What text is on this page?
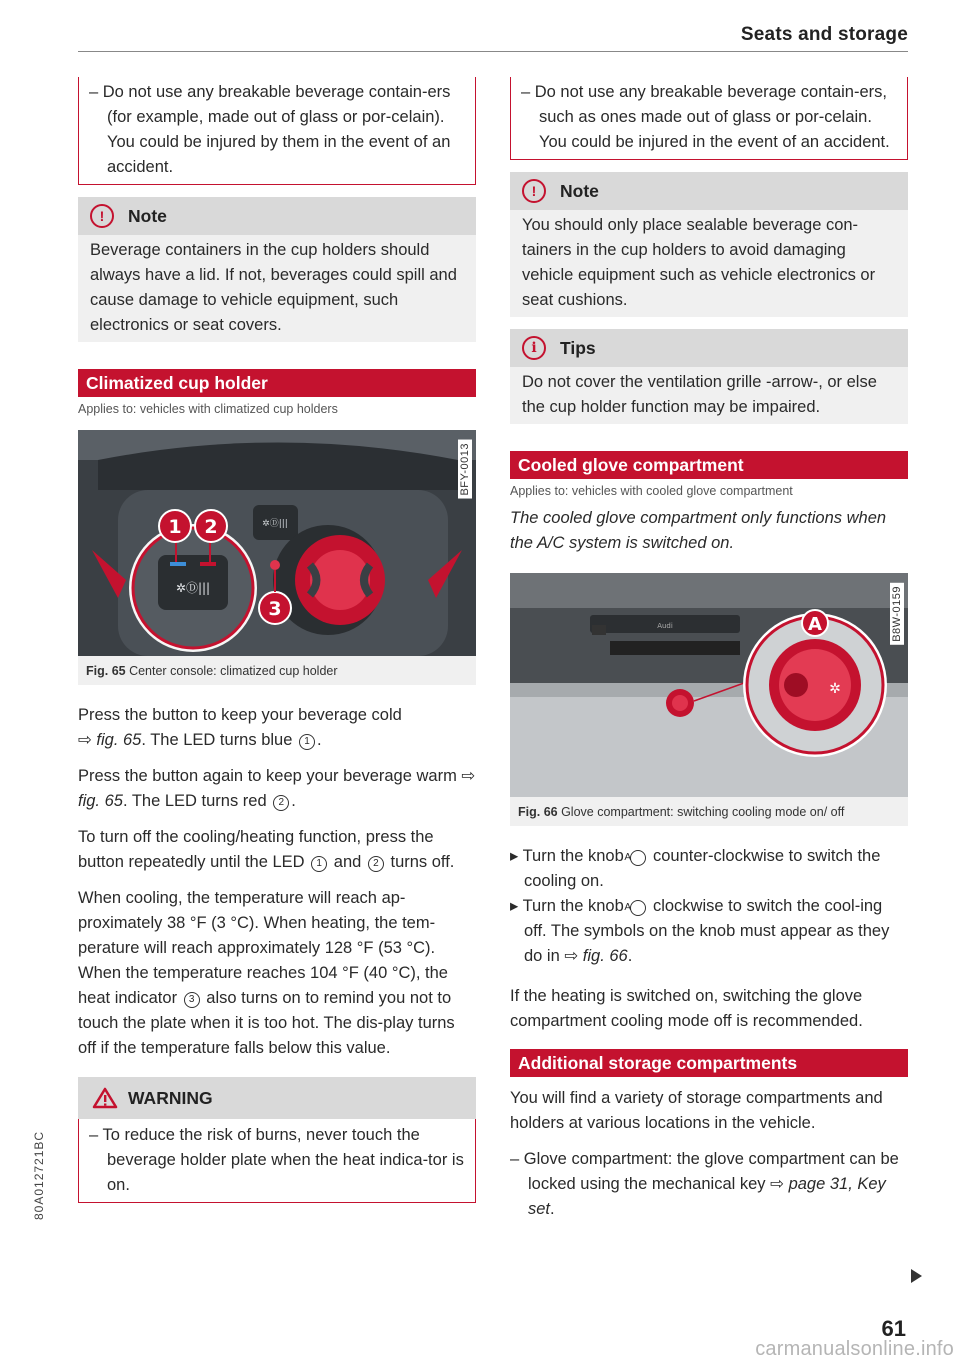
Seats and storage

– Do not use any breakable beverage contain-ers (for example, made out of glass or por-celain). You could be injured by them in the event of an accident.

!	Note

Beverage containers in the cup holders should always have a lid. If not, beverages could spill and cause damage to vehicle equipment, such electronics or seat covers.

Climatized cup holder

Applies to: vehicles with climatized cup holders

✲Ⓓ|||
✲Ⓓ|||
1 2
3
BFY-0013
Fig. 65 Center console: climatized cup holder

Press the button to keep your beverage cold
⇨ fig. 65. The LED turns blue 1 .

Press the button again to keep your beverage warm ⇨ fig. 65. The LED turns red 2 .

To turn off the cooling/heating function, press the button repeatedly until the LED 1 and 2 turns off.

When cooling, the temperature will reach ap-proximately 38 °F (3 °C). When heating, the tem-perature will reach approximately 128 °F (53 °C). When the temperature reaches 104 °F (40 °C), the heat indicator 3 also turns on to remind you not to touch the plate when it is too hot. The dis-play turns off if the temperature falls below this value.

WARNING

– To reduce the risk of burns, never touch the beverage holder plate when the heat indica-tor is on.

– Do not use any breakable beverage contain-ers, such as ones made out of glass or por-celain. You could be injured in the event of an accident.

!	Note

You should only place sealable beverage con-tainers in the cup holders to avoid damaging vehicle equipment such as vehicle electronics or seat cushions.

i	Tips

Do not cover the ventilation grille -arrow-, or else the cup holder function may be impaired.

Cooled glove compartment

Applies to: vehicles with cooled glove compartment

The cooled glove compartment only functions when the A/C system is switched on.

Audi
✲
A	B8W-0159
Fig. 66 Glove compartment: switching cooling mode on/ off

▸ Turn the knob A counter-clockwise to switch the cooling on.

▸ Turn the knob A clockwise to switch the cool-ing off. The symbols on the knob must appear as they do in ⇨ fig. 66.

If the heating is switched on, switching the glove compartment cooling mode off is recommended.

Additional storage compartments

You will find a variety of storage compartments and holders at various locations in the vehicle.

– Glove compartment: the glove compartment can be locked using the mechanical key ⇨ page 31, Key set.

61
80A012721BC
carmanualsonline.info
